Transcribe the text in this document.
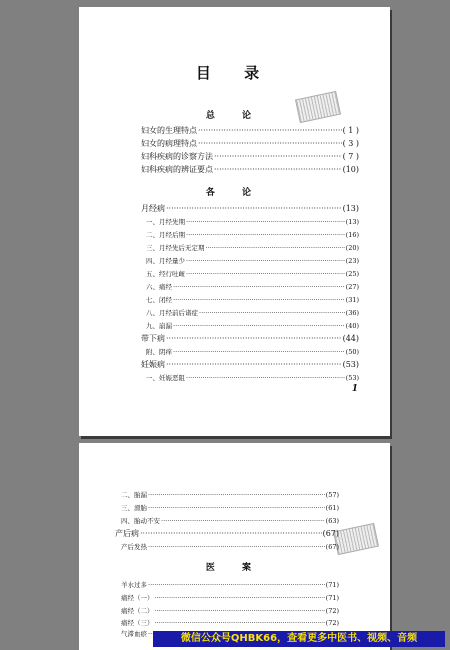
目 录
总 论
妇女的生理特点 ·····	( 1 )
妇女的病理特点 ·····	( 3 )
妇科疾病的诊察方法 ·····	( 7 )
妇科疾病的辨证要点 ·····	(10)
各 论
月经病 ·····	(13)
一、月经先期 ·····	(13)
二、月经后期 ·····	(16)
三、月经先后无定期 ·····	(20)
四、月经量少 ·····	(23)
五、经行吐衄 ·····	(25)
六、痛经 ·····	(27)
七、闭经 ·····	(31)
八、月经前后诸症 ·····	(36)
九、崩漏 ·····	(40)
带下病 ·····	(44)
附、阴痒 ·····	(50)
妊娠病 ·····	(53)
一、妊娠恶阻 ·····	(53)
1
二、胎漏 ·····	(57)
三、滑胎 ·····	(61)
四、胎动不安 ·····	(63)
产后病 ·····	(67)
产后发热 ·····	(67)
医 案
羊水过多 ·····	(71)
痛经（一） ·····	(71)
痛经（二） ·····	(72)
痛经（三） ·····	(72)
气滞血瘀 ·····	微信公众号QHBK66，查看更多中医书、视频、音频
